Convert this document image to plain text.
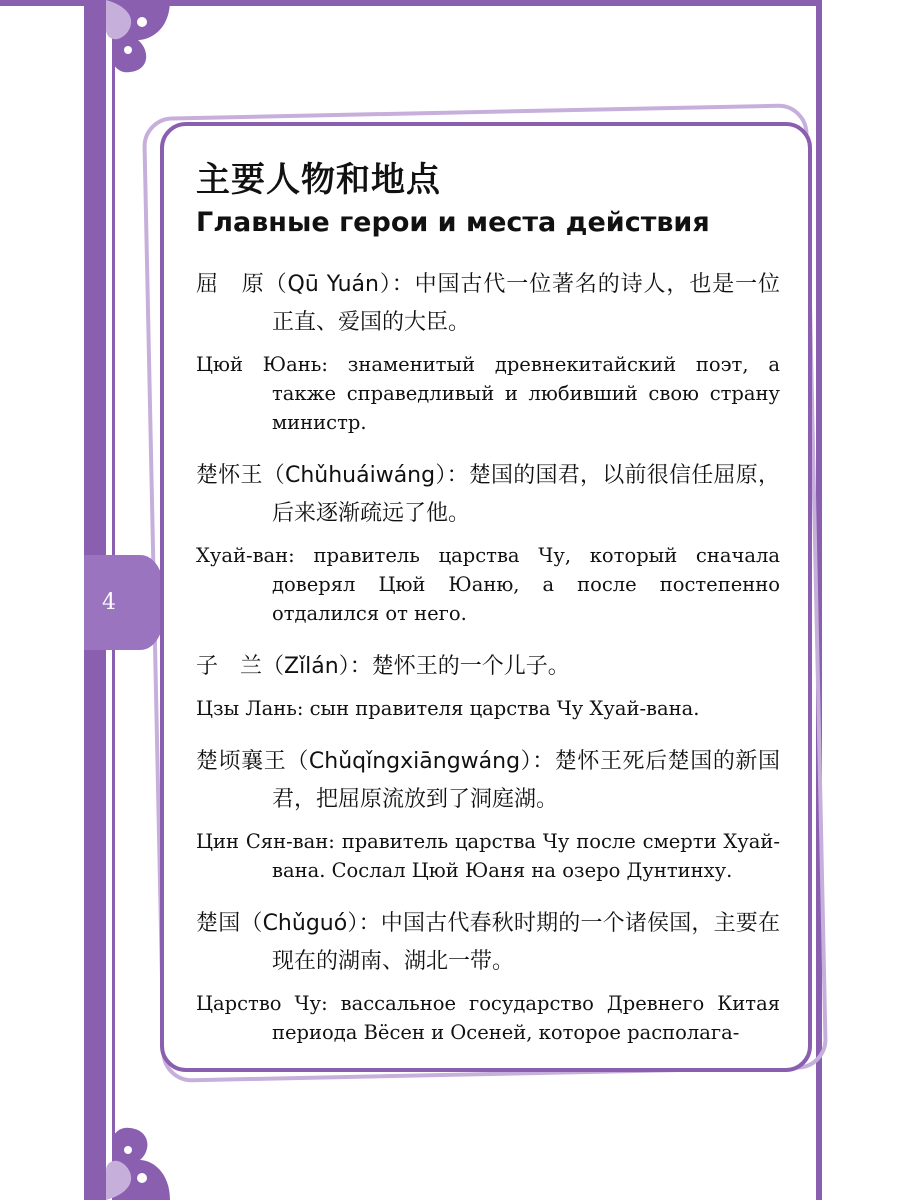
4
主要人物和地点
Главные герои и места действия
屈　原（Qū Yuán）：中国古代一位著名的诗人，也是一位正直、爱国的大臣。
Цюй Юань: знаменитый древнекитайский поэт, а также справедливый и любивший свою страну министр.
楚怀王（Chǔhuáiwáng）：楚国的国君，以前很信任屈原，后来逐渐疏远了他。
Хуай-ван: правитель царства Чу, который сначала доверял Цюй Юаню, а после постепенно отдалился от него.
子　兰（Zǐlán）：楚怀王的一个儿子。
Цзы Лань: сын правителя царства Чу Хуай-вана.
楚顷襄王（Chǔqǐngxiāngwáng）：楚怀王死后楚国的新国君，把屈原流放到了洞庭湖。
Цин Сян-ван: правитель царства Чу после смерти Хуай-вана. Сослал Цюй Юаня на озеро Дунтинху.
楚国（Chǔguó）：中国古代春秋时期的一个诸侯国，主要在现在的湖南、湖北一带。
Царство Чу: вассальное государство Древнего Китая периода Вёсен и Осеней, которое располага-
